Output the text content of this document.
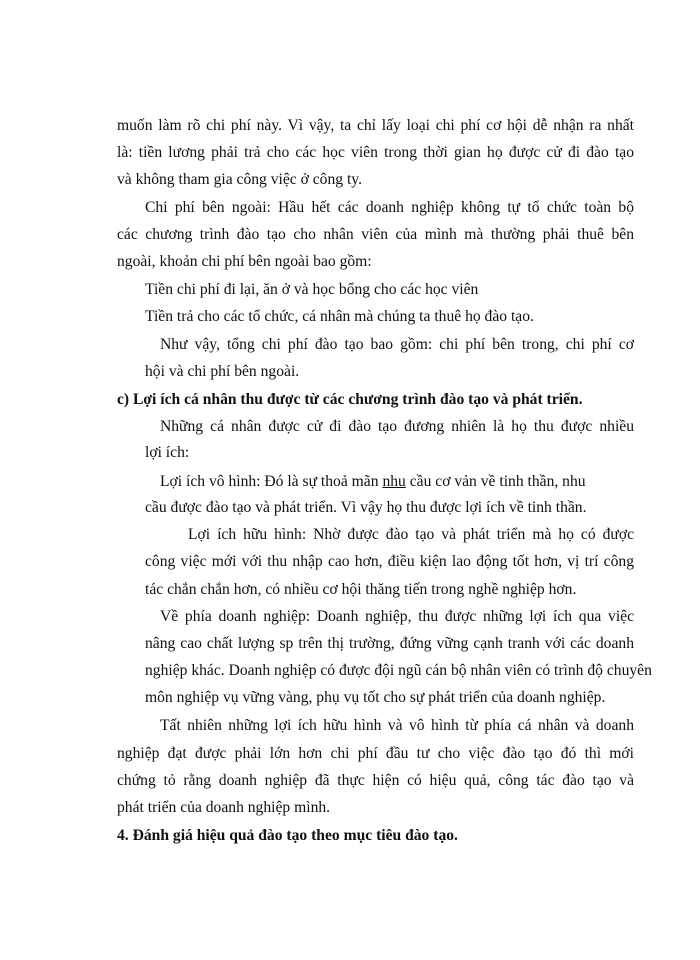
muốn làm rõ chi phí này. Vì vậy, ta chỉ lấy loại chi phí cơ hội dễ nhận ra nhất
là: tiền lương phải trả cho các học viên trong thời gian họ được cử đi đào tạo
và không tham gia công việc ở công ty.
Chi phí bên ngoài: Hầu hết các doanh nghiệp không tự tổ chức toàn bộ
các chương trình đào tạo cho nhân viên của mình mà thường phải thuê bên
ngoài, khoản chi phí bên ngoài bao gồm:
Tiền chi phí đi lại, ăn ở và học bổng cho các học viên
Tiền trả cho các tổ chức, cá nhân mà chúng ta thuê họ đào tạo.
Như vậy, tổng chi phí đào tạo bao gồm: chi phí bên trong, chi phí cơ
hội và chi phí bên ngoài.
c) Lợi ích cá nhân thu được từ các chương trình đào tạo và phát triển.
Những cá nhân được cử đi đào tạo đương nhiên là họ thu được nhiều
lợi ích:
Lợi ích vô hình: Đó là sự thoả mãn nhu cầu cơ vản về tinh thần, nhu
cầu được đào tạo và phát triển. Vì vậy họ thu được lợi ích về tinh thần.
Lợi ích hữu hình: Nhờ được đào tạo và phát triển mà họ có được
công việc mới với thu nhập cao hơn, điều kiện lao động tốt hơn, vị trí công
tác chắn chắn hơn, có nhiều cơ hội thăng tiến trong nghề nghiệp hơn.
Về phía doanh nghiệp: Doanh nghiệp, thu được những lợi ích qua việc
nâng cao chất lượng sp trên thị trường, đứng vững cạnh tranh với các doanh
nghiệp khác. Doanh nghiệp có được đội ngũ cán bộ nhân viên có trình độ chuyên
môn nghiệp vụ vững vàng, phụ vụ tốt cho sự phát triển của doanh nghiệp.
Tất nhiên những lợi ích hữu hình và vô hình từ phía cá nhân và doanh
nghiệp đạt được phải lớn hơn chi phí đầu tư cho việc đào tạo đó thì mới
chứng tỏ rằng doanh nghiệp đã thực hiện có hiệu quả, công tác đào tạo và
phát triển của doanh nghiệp mình.
4. Đánh giá hiệu quả đào tạo theo mục tiêu đào tạo.
